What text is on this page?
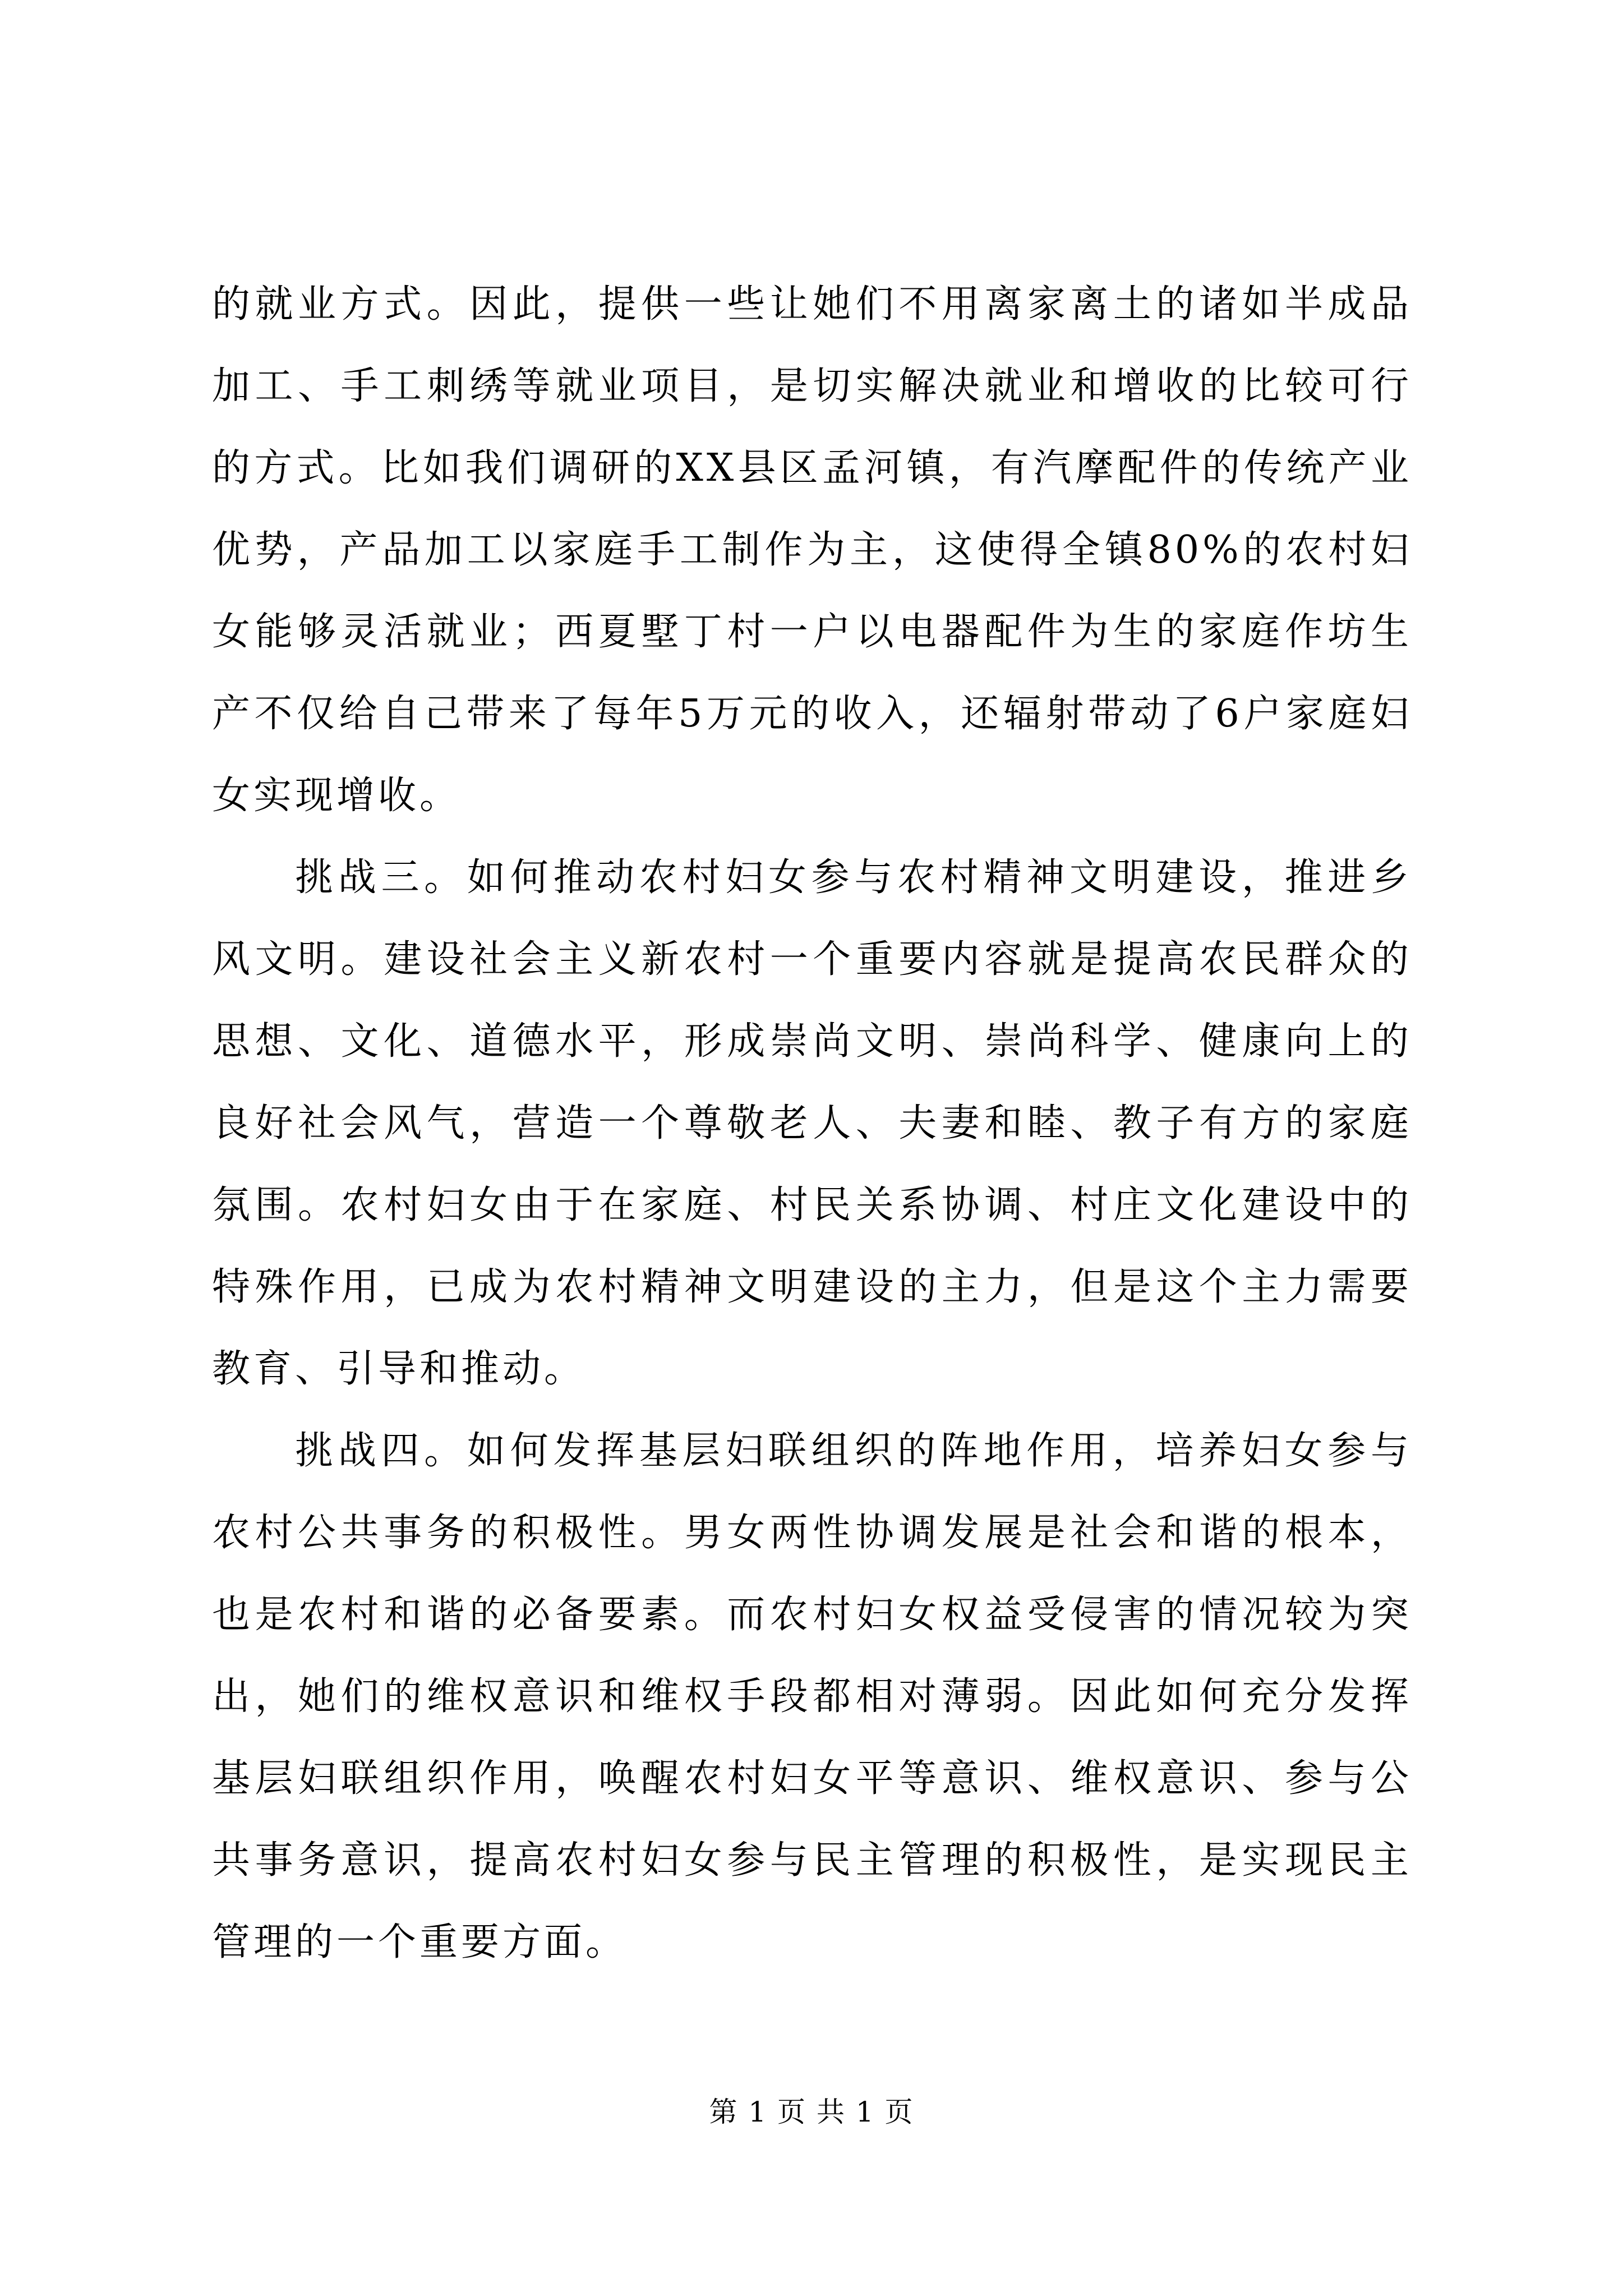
的就业方式。因此，提供一些让她们不用离家离土的诸如半成品加工、手工刺绣等就业项目，是切实解决就业和增收的比较可行的方式。比如我们调研的XX县区孟河镇，有汽摩配件的传统产业优势，产品加工以家庭手工制作为主，这使得全镇80%的农村妇女能够灵活就业；西夏墅丁村一户以电器配件为生的家庭作坊生产不仅给自己带来了每年5万元的收入，还辐射带动了6户家庭妇女实现增收。

挑战三。如何推动农村妇女参与农村精神文明建设，推进乡风文明。建设社会主义新农村一个重要内容就是提高农民群众的思想、文化、道德水平，形成崇尚文明、崇尚科学、健康向上的良好社会风气，营造一个尊敬老人、夫妻和睦、教子有方的家庭氛围。农村妇女由于在家庭、村民关系协调、村庄文化建设中的特殊作用，已成为农村精神文明建设的主力，但是这个主力需要教育、引导和推动。

挑战四。如何发挥基层妇联组织的阵地作用，培养妇女参与农村公共事务的积极性。男女两性协调发展是社会和谐的根本，也是农村和谐的必备要素。而农村妇女权益受侵害的情况较为突出，她们的维权意识和维权手段都相对薄弱。因此如何充分发挥基层妇联组织作用，唤醒农村妇女平等意识、维权意识、参与公共事务意识，提高农村妇女参与民主管理的积极性，是实现民主管理的一个重要方面。

第 1 页 共 1 页
